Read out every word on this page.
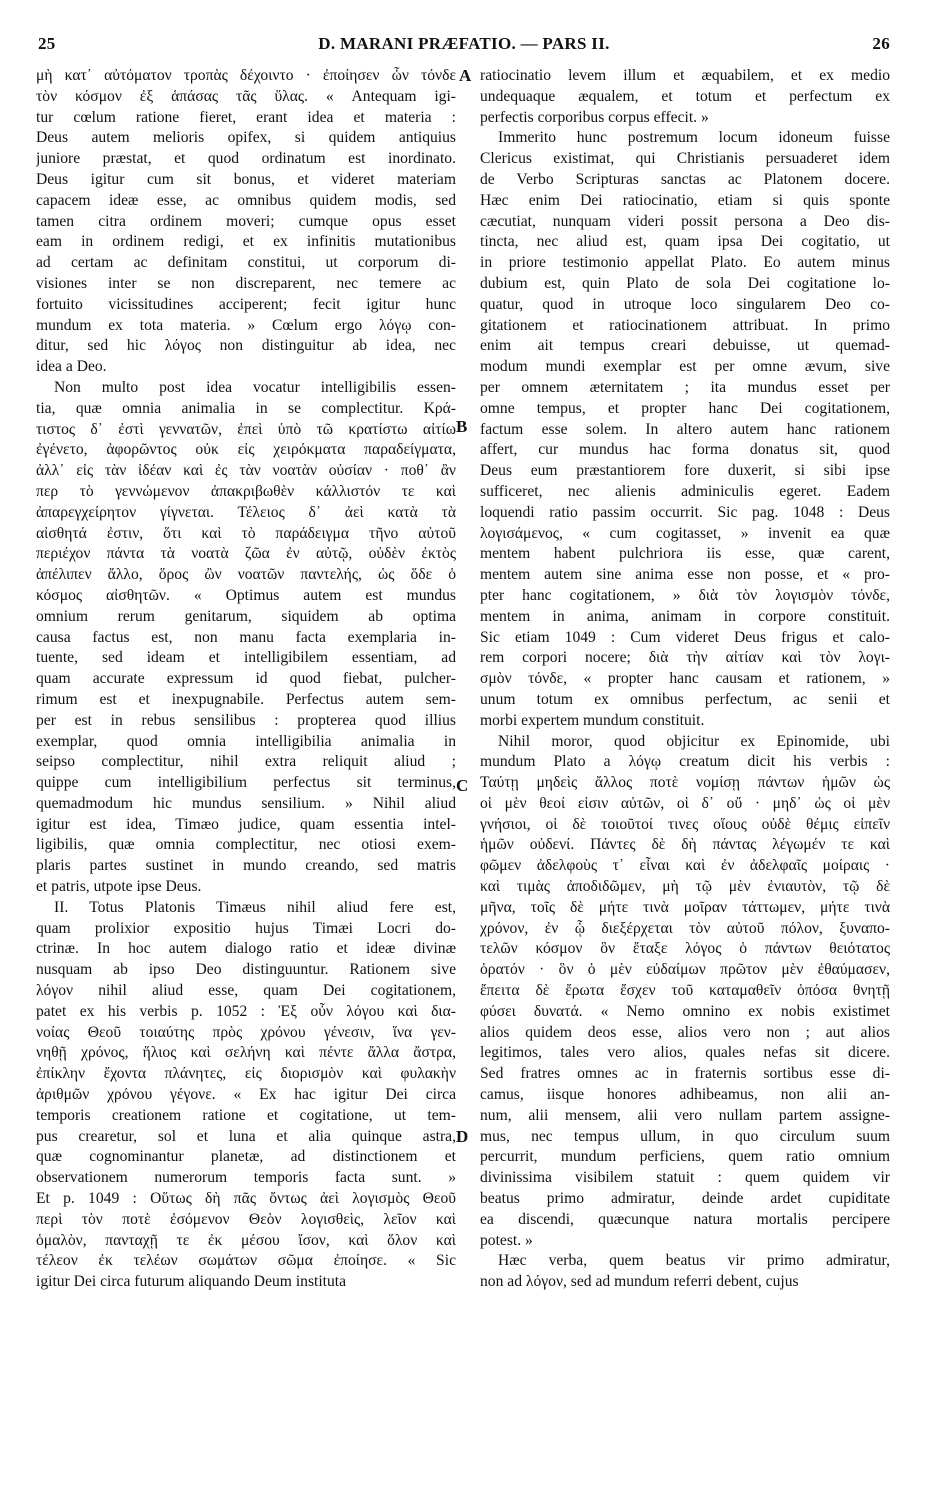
25	D. MARANI PRÆFATIO. — PARS II.	26
A
B
C
D
μὴ κατ᾽ αὐτόματον τροπὰς δέχοιντο · ἐποίησεν ὧν τόνδε
τὸν κόσμον ἐξ ἁπάσας τᾶς ὕλας. « Antequam igi-
tur cœlum ratione fieret, erant idea et materia :
Deus autem melioris opifex, si quidem antiquius
juniore præstat, et quod ordinatum est inordinato.
Deus igitur cum sit bonus, et videret materiam
capacem ideæ esse, ac omnibus quidem modis, sed
tamen citra ordinem moveri; cumque opus esset
eam in ordinem redigi, et ex infinitis mutationibus
ad certam ac definitam constitui, ut corporum di-
visiones inter se non discreparent, nec temere ac
fortuito vicissitudines acciperent; fecit igitur hunc
mundum ex tota materia. » Cœlum ergo λόγῳ con-
ditur, sed hic λόγος non distinguitur ab idea, nec
idea a Deo.
Non multo post idea vocatur intelligibilis essen-
tia, quæ omnia animalia in se complectitur. Κρά-
τιστος δ᾽ ἐστὶ γεννατῶν, ἐπεὶ ὑπὸ τῶ κρατίστω αἰτίω
ἐγένετο, ἀφορῶντος οὐκ εἰς χειρόκματα παραδείγματα,
ἀλλ᾽ εἰς τὰν ἰδέαν καὶ ἐς τὰν νοατὰν οὐσίαν · ποθ᾽ ἂν
περ τὸ γεννώμενον ἀπακριβωθὲν κάλλιστόν τε καὶ
ἀπαρεγχείρητον γίγνεται. Τέλειος δ᾽ ἀεὶ κατὰ τὰ
αἰσθητά ἐστιν, ὅτι καὶ τὸ παράδειγμα τῆνο αὐτοῦ
περιέχον πάντα τὰ νοατὰ ζῶα ἐν αὐτῷ, οὐδὲν ἐκτὸς
ἀπέλιπεν ἄλλο, ὅρος ὢν νοατῶν παντελής, ὡς ὅδε ὁ
κόσμος αἰσθητῶν. « Optimus autem est mundus
omnium rerum genitarum, siquidem ab optima
causa factus est, non manu facta exemplaria in-
tuente, sed ideam et intelligibilem essentiam, ad
quam accurate expressum id quod fiebat, pulcher-
rimum est et inexpugnabile. Perfectus autem sem-
per est in rebus sensilibus : propterea quod illius
exemplar, quod omnia intelligibilia animalia in
seipso complectitur, nihil extra reliquit aliud ;
quippe cum intelligibilium perfectus sit terminus,
quemadmodum hic mundus sensilium. » Nihil aliud
igitur est idea, Timæo judice, quam essentia intel-
ligibilis, quæ omnia complectitur, nec otiosi exem-
plaris partes sustinet in mundo creando, sed matris
et patris, utpote ipse Deus.
II. Totus Platonis Timæus nihil aliud fere est,
quam prolixior expositio hujus Timæi Locri do-
ctrinæ. In hoc autem dialogo ratio et ideæ divinæ
nusquam ab ipso Deo distinguuntur. Rationem sive
λόγον nihil aliud esse, quam Dei cogitationem,
patet ex his verbis p. 1052 : Ἐξ οὖν λόγου καὶ δια-
νοίας Θεοῦ τοιαύτης πρὸς χρόνου γένεσιν, ἵνα γεν-
νηθῇ χρόνος, ἥλιος καὶ σελήνη καὶ πέντε ἄλλα ἄστρα,
ἐπίκλην ἔχοντα πλάνητες, εἰς διορισμὸν καὶ φυλακὴν
ἀριθμῶν χρόνου γέγονε. « Ex hac igitur Dei circa
temporis creationem ratione et cogitatione, ut tem-
pus crearetur, sol et luna et alia quinque astra,
quæ cognominantur planetæ, ad distinctionem et
observationem numerorum temporis facta sunt. »
Et p. 1049 : Οὕτως δὴ πᾶς ὄντως ἀεὶ λογισμὸς Θεοῦ
περὶ τὸν ποτὲ ἐσόμενον Θεὸν λογισθεὶς, λεῖον καὶ
ὁμαλὸν, πανταχῇ τε ἐκ μέσου ἴσον, καὶ ὅλον καὶ
τέλεον ἐκ τελέων σωμάτων σῶμα ἐποίησε. « Sic
igitur Dei circa futurum aliquando Deum instituta
ratiocinatio levem illum et æquabilem, et ex medio
undequaque æqualem, et totum et perfectum ex
perfectis corporibus corpus effecit. »
Immerito hunc postremum locum idoneum fuisse
Clericus existimat, qui Christianis persuaderet idem
de Verbo Scripturas sanctas ac Platonem docere.
Hæc enim Dei ratiocinatio, etiam si quis sponte
cæcutiat, nunquam videri possit persona a Deo dis-
tincta, nec aliud est, quam ipsa Dei cogitatio, ut
in priore testimonio appellat Plato. Eo autem minus
dubium est, quin Plato de sola Dei cogitatione lo-
quatur, quod in utroque loco singularem Deo co-
gitationem et ratiocinationem attribuat. In primo
enim ait tempus creari debuisse, ut quemad-
modum mundi exemplar est per omne ævum, sive
per omnem æternitatem ; ita mundus esset per
omne tempus, et propter hanc Dei cogitationem,
factum esse solem. In altero autem hanc rationem
affert, cur mundus hac forma donatus sit, quod
Deus eum præstantiorem fore duxerit, si sibi ipse
sufficeret, nec alienis adminiculis egeret. Eadem
loquendi ratio passim occurrit. Sic pag. 1048 : Deus
λογισάμενος, « cum cogitasset, » invenit ea quæ
mentem habent pulchriora iis esse, quæ carent,
mentem autem sine anima esse non posse, et « pro-
pter hanc cogitationem, » διὰ τὸν λογισμὸν τόνδε,
mentem in anima, animam in corpore constituit.
Sic etiam 1049 : Cum videret Deus frigus et calo-
rem corpori nocere; διὰ τὴν αἰτίαν καὶ τὸν λογι-
σμὸν τόνδε, « propter hanc causam et rationem, »
unum totum ex omnibus perfectum, ac senii et
morbi expertem mundum constituit.
Nihil moror, quod objicitur ex Epinomide, ubi
mundum Plato a λόγῳ creatum dicit his verbis :
Ταύτῃ μηδεὶς ἄλλος ποτὲ νομίσῃ πάντων ἡμῶν ὡς
οἱ μὲν θεοί εἰσιν αὐτῶν, οἱ δ᾽ οὔ · μηδ᾽ ὡς οἱ μὲν
γνήσιοι, οἱ δὲ τοιοῦτοί τινες οἵους οὐδὲ θέμις εἰπεῖν
ἡμῶν οὐδενί. Πάντες δὲ δὴ πάντας λέγωμέν τε καὶ
φῶμεν ἀδελφοὺς τ᾽ εἶναι καὶ ἐν ἀδελφαῖς μοίραις ·
καὶ τιμὰς ἀποδιδῶμεν, μὴ τῷ μὲν ἐνιαυτὸν, τῷ δὲ
μῆνα, τοῖς δὲ μήτε τινὰ μοῖραν τάττωμεν, μήτε τινὰ
χρόνον, ἐν ᾧ διεξέρχεται τὸν αὐτοῦ πόλον, ξυναπο-
τελῶν κόσμον ὃν ἔταξε λόγος ὁ πάντων θειότατος
ὁρατόν · ὃν ὁ μὲν εὐδαίμων πρῶτον μὲν ἐθαύμασεν,
ἔπειτα δὲ ἔρωτα ἔσχεν τοῦ καταμαθεῖν ὁπόσα θνητῇ
φύσει δυνατά. « Nemo omnino ex nobis existimet
alios quidem deos esse, alios vero non ; aut alios
legitimos, tales vero alios, quales nefas sit dicere.
Sed fratres omnes ac in fraternis sortibus esse di-
camus, iisque honores adhibeamus, non alii an-
num, alii mensem, alii vero nullam partem assigne-
mus, nec tempus ullum, in quo circulum suum
percurrit, mundum perficiens, quem ratio omnium
divinissima visibilem statuit : quem quidem vir
beatus primo admiratur, deinde ardet cupiditate
ea discendi, quæcunque natura mortalis percipere
potest. »
Hæc verba, quem beatus vir primo admiratur,
non ad λόγον, sed ad mundum referri debent, cujus
